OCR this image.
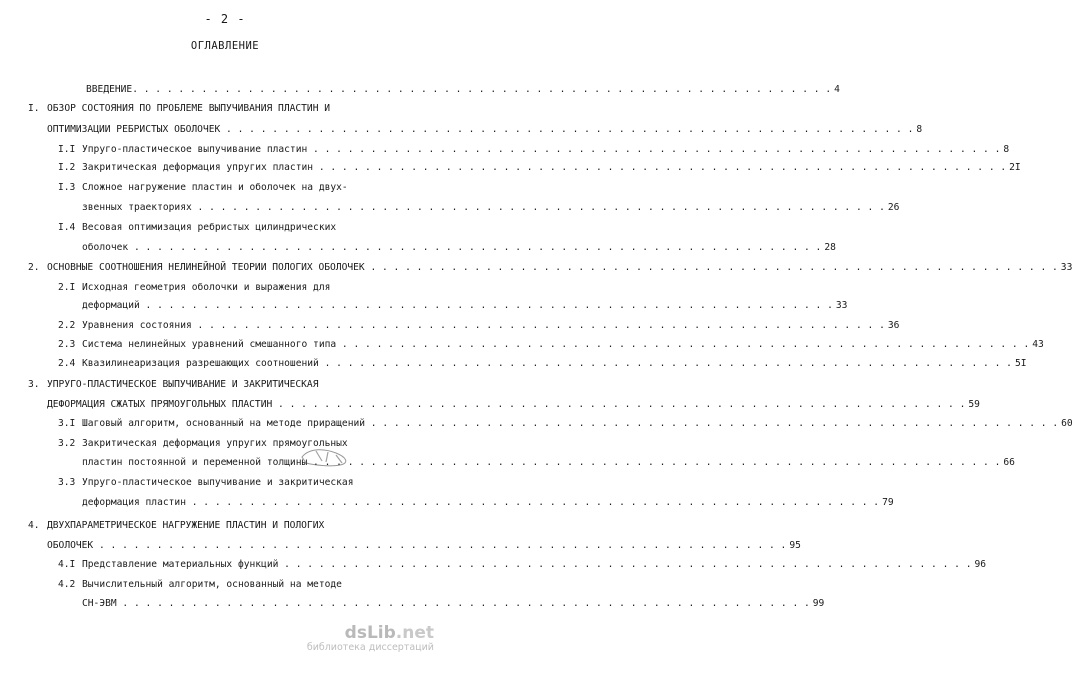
- 2 -
ОГЛАВЛЕНИЕ
ВВЕДЕНИЕ. . . . . . . . . . . . . . . . . . . . . . . . . . . . . . . . . . . . . . . . . . . . . . . . . . . . . . . . . . . . . 4
I. ОБЗОР СОСТОЯНИЯ ПО ПРОБЛЕМЕ ВЫПУЧИВАНИЯ ПЛАСТИН И
ОПТИМИЗАЦИИ РЕБРИСТЫХ ОБОЛОЧЕК . . . . . . . . . . . . . . . . . . . . . . . . . . . . . . . . . . . . . . . . . . . . . . . . . . . . . . . . . . . . 8
I.I Упруго-пластическое выпучивание пластин . . . . . . . . . . . . . . . . . . . . . . . . . . . . . . . . . . . . . . . . . . . . . . . . . . . . . . . . . . . . 8
I.2 Закритическая деформация упругих пластин . . . . . . . . . . . . . . . . . . . . . . . . . . . . . . . . . . . . . . . . . . . . . . . . . . . . . . . . . . . . 2I
I.3 Сложное нагружение пластин и оболочек на двух-
звенных траекториях . . . . . . . . . . . . . . . . . . . . . . . . . . . . . . . . . . . . . . . . . . . . . . . . . . . . . . . . . . . . 26
I.4 Весовая оптимизация ребристых цилиндрических
оболочек . . . . . . . . . . . . . . . . . . . . . . . . . . . . . . . . . . . . . . . . . . . . . . . . . . . . . . . . . . . . 28
2. ОСНОВНЫЕ СООТНОШЕНИЯ НЕЛИНЕЙНОЙ ТЕОРИИ ПОЛОГИХ ОБОЛОЧЕК . . . . . . . . . . . . . . . . . . . . . . . . . . . . . . . . . . . . . . . . . . . . . . . . . . . . . . . . . . . . 33
2.I Исходная геометрия оболочки и выражения для
деформаций . . . . . . . . . . . . . . . . . . . . . . . . . . . . . . . . . . . . . . . . . . . . . . . . . . . . . . . . . . . . 33
2.2 Уравнения состояния . . . . . . . . . . . . . . . . . . . . . . . . . . . . . . . . . . . . . . . . . . . . . . . . . . . . . . . . . . . . 36
2.3 Система нелинейных уравнений смешанного типа . . . . . . . . . . . . . . . . . . . . . . . . . . . . . . . . . . . . . . . . . . . . . . . . . . . . . . . . . . . . 43
2.4 Квазилинеаризация разрешающих соотношений . . . . . . . . . . . . . . . . . . . . . . . . . . . . . . . . . . . . . . . . . . . . . . . . . . . . . . . . . . . . 5I
3. УПРУГО-ПЛАСТИЧЕСКОЕ ВЫПУЧИВАНИЕ И ЗАКРИТИЧЕСКАЯ
ДЕФОРМАЦИЯ СЖАТЫХ ПРЯМОУГОЛЬНЫХ ПЛАСТИН . . . . . . . . . . . . . . . . . . . . . . . . . . . . . . . . . . . . . . . . . . . . . . . . . . . . . . . . . . . . 59
3.I Шаговый алгоритм, основанный на методе приращений . . . . . . . . . . . . . . . . . . . . . . . . . . . . . . . . . . . . . . . . . . . . . . . . . . . . . . . . . . . . 60
3.2 Закритическая деформация упругих прямоугольных
пластин постоянной и переменной толщины . . . . . . . . . . . . . . . . . . . . . . . . . . . . . . . . . . . . . . . . . . . . . . . . . . . . . . . . . . . . 66
3.3 Упруго-пластическое выпучивание и закритическая
деформация пластин . . . . . . . . . . . . . . . . . . . . . . . . . . . . . . . . . . . . . . . . . . . . . . . . . . . . . . . . . . . . 79
4. ДВУХПАРАМЕТРИЧЕСКОЕ НАГРУЖЕНИЕ ПЛАСТИН И ПОЛОГИХ
ОБОЛОЧЕК . . . . . . . . . . . . . . . . . . . . . . . . . . . . . . . . . . . . . . . . . . . . . . . . . . . . . . . . . . . . 95
4.I Представление материальных функций . . . . . . . . . . . . . . . . . . . . . . . . . . . . . . . . . . . . . . . . . . . . . . . . . . . . . . . . . . . . 96
4.2 Вычислительный алгоритм, основанный на методе
СН-ЭВМ . . . . . . . . . . . . . . . . . . . . . . . . . . . . . . . . . . . . . . . . . . . . . . . . . . . . . . . . . . . . 99
dsLib.net
библиотека диссертаций
